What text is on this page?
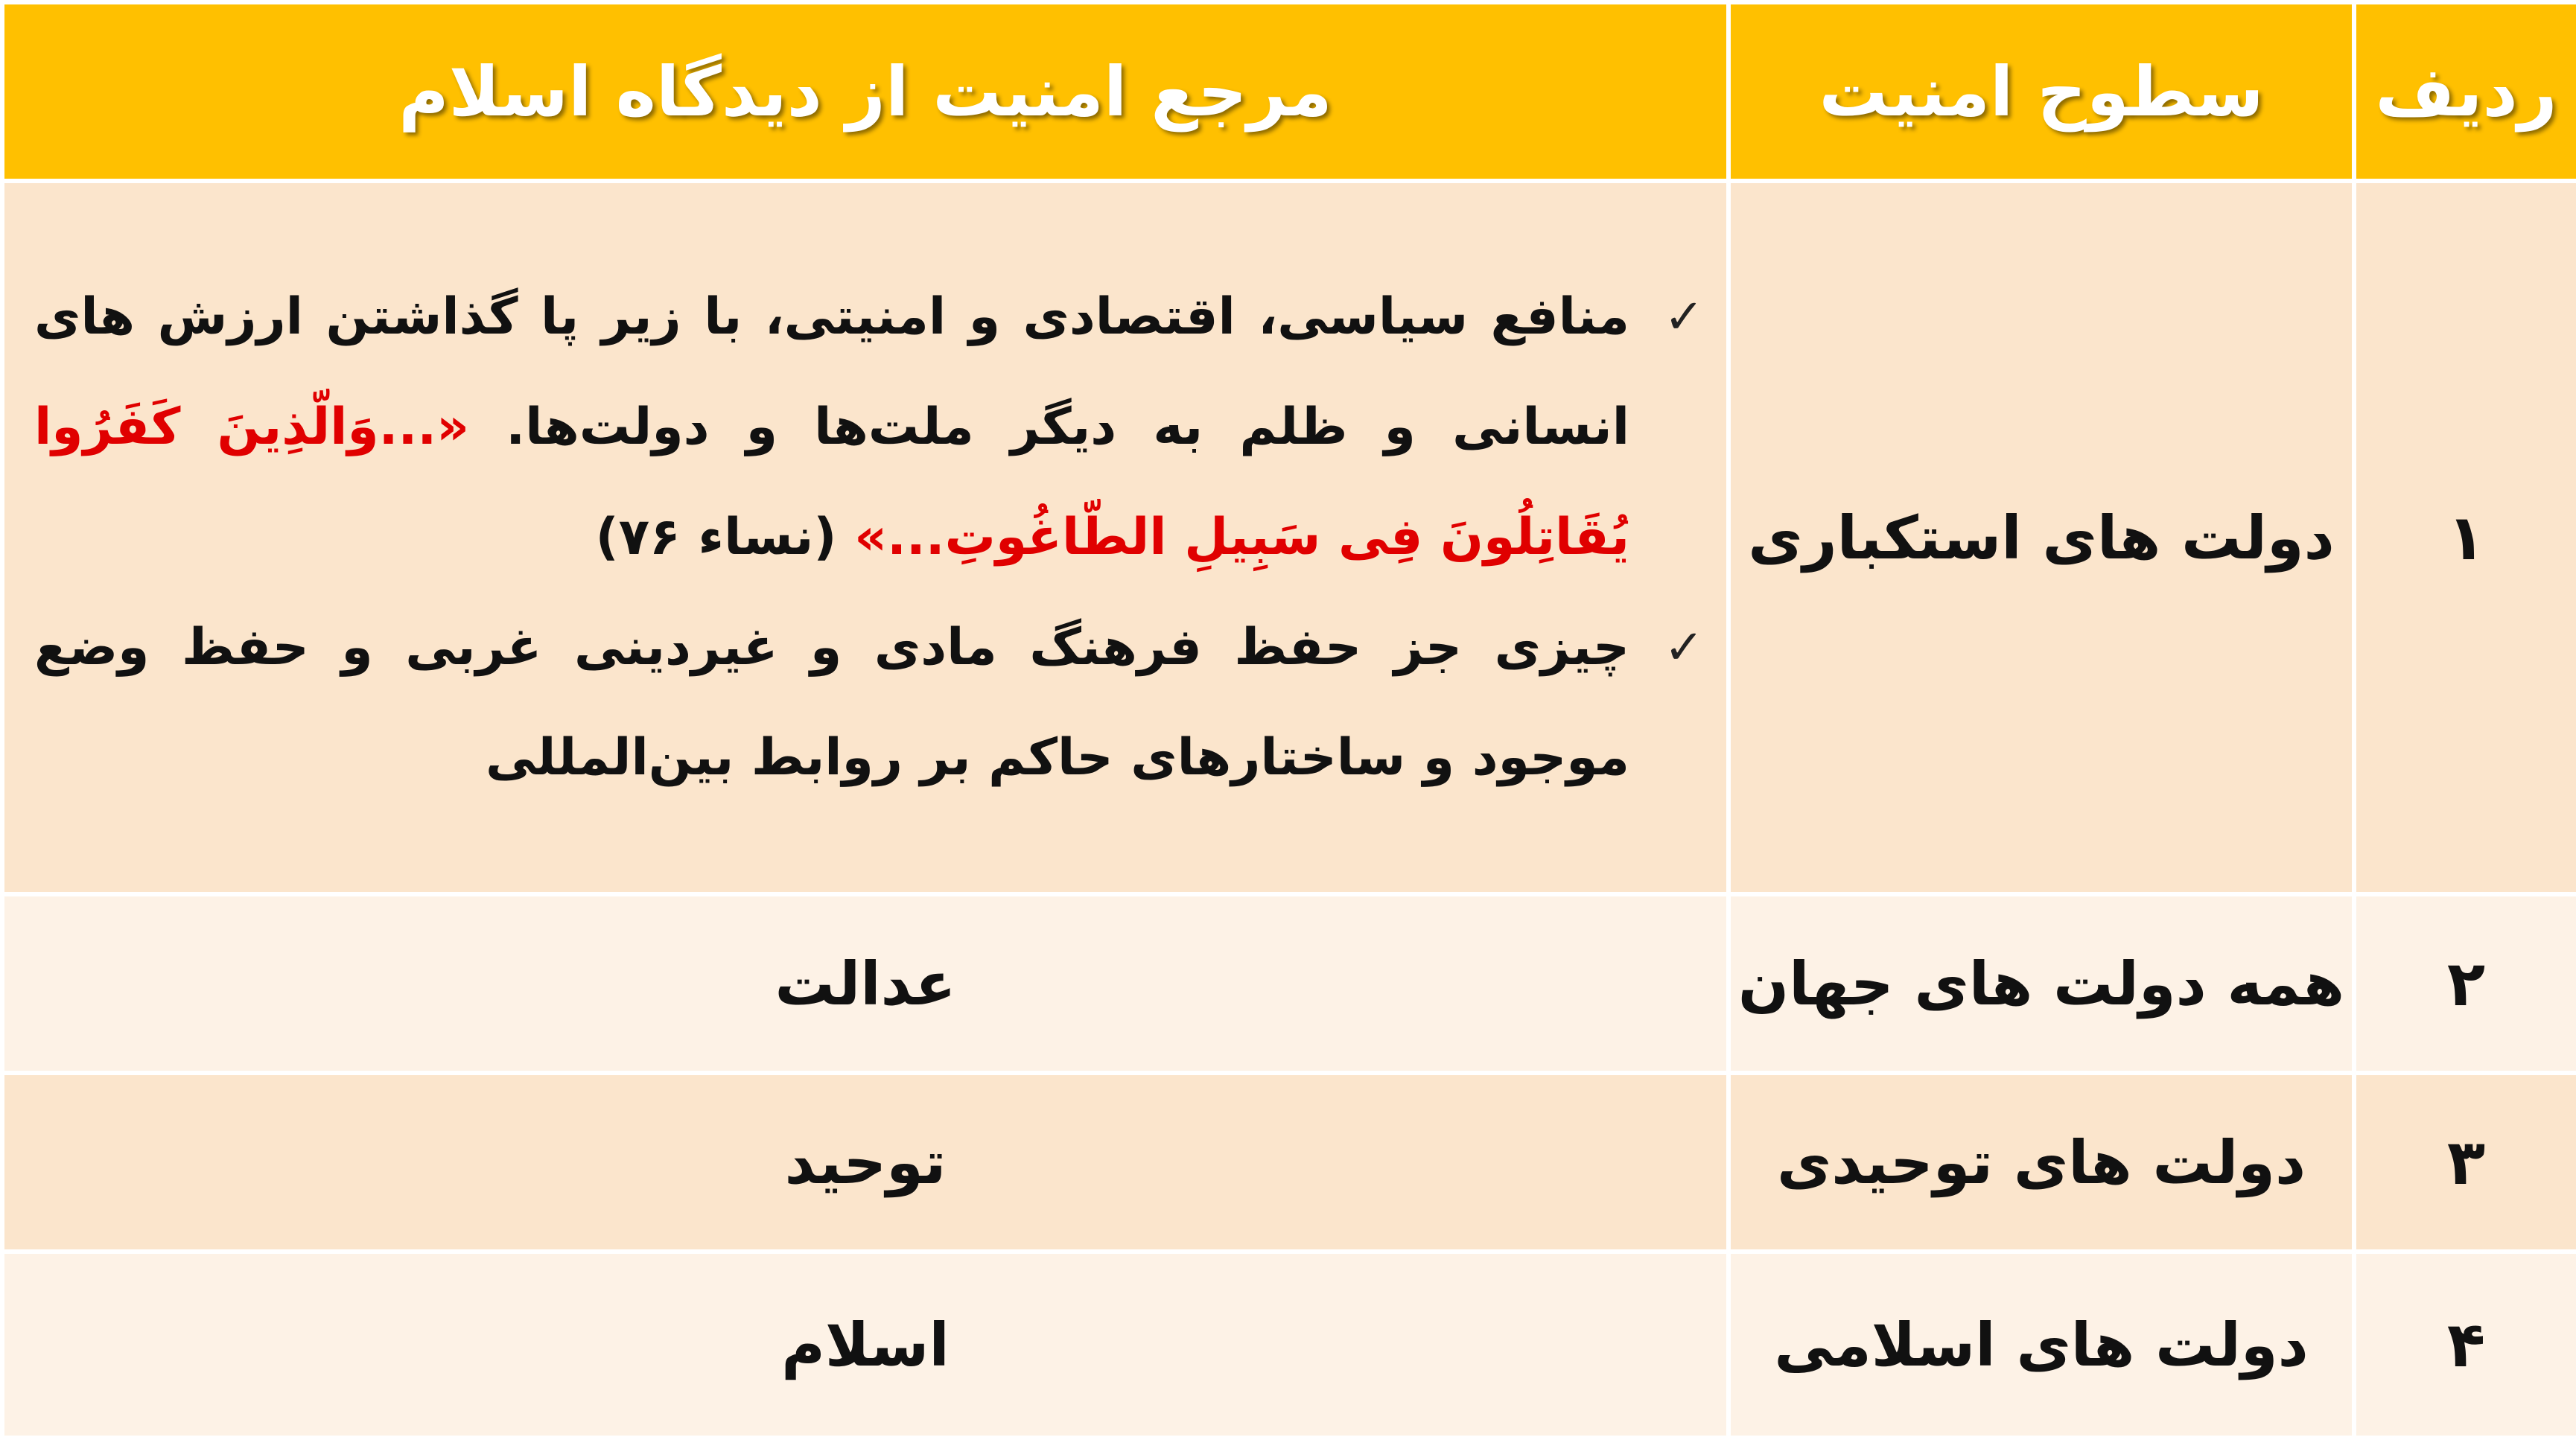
مرجع امنیت از دیدگاه اسلام	سطوح امنیت	ردیف

✓
منافع سیاسی، اقتصادی و امنیتی، با زیر پا گذاشتن ارزش های انسانی و ظلم به دیگر ملت‌ها و دولت‌ها. «...وَالّذِینَ کَفَرُوا یُقَاتِلُونَ فِی سَبِیلِ الطّاغُوتِ...» (نساء ۷۶)
✓
چیزی جز حفظ فرهنگ مادی و غیردینی غربی و حفظ وضع موجود و ساختارهای حاکم بر روابط بین‌المللی	دولت های استکباری	۱
عدالت	همه دولت های جهان	۲
توحید	دولت های توحیدی	۳
اسلام	دولت های اسلامی	۴
